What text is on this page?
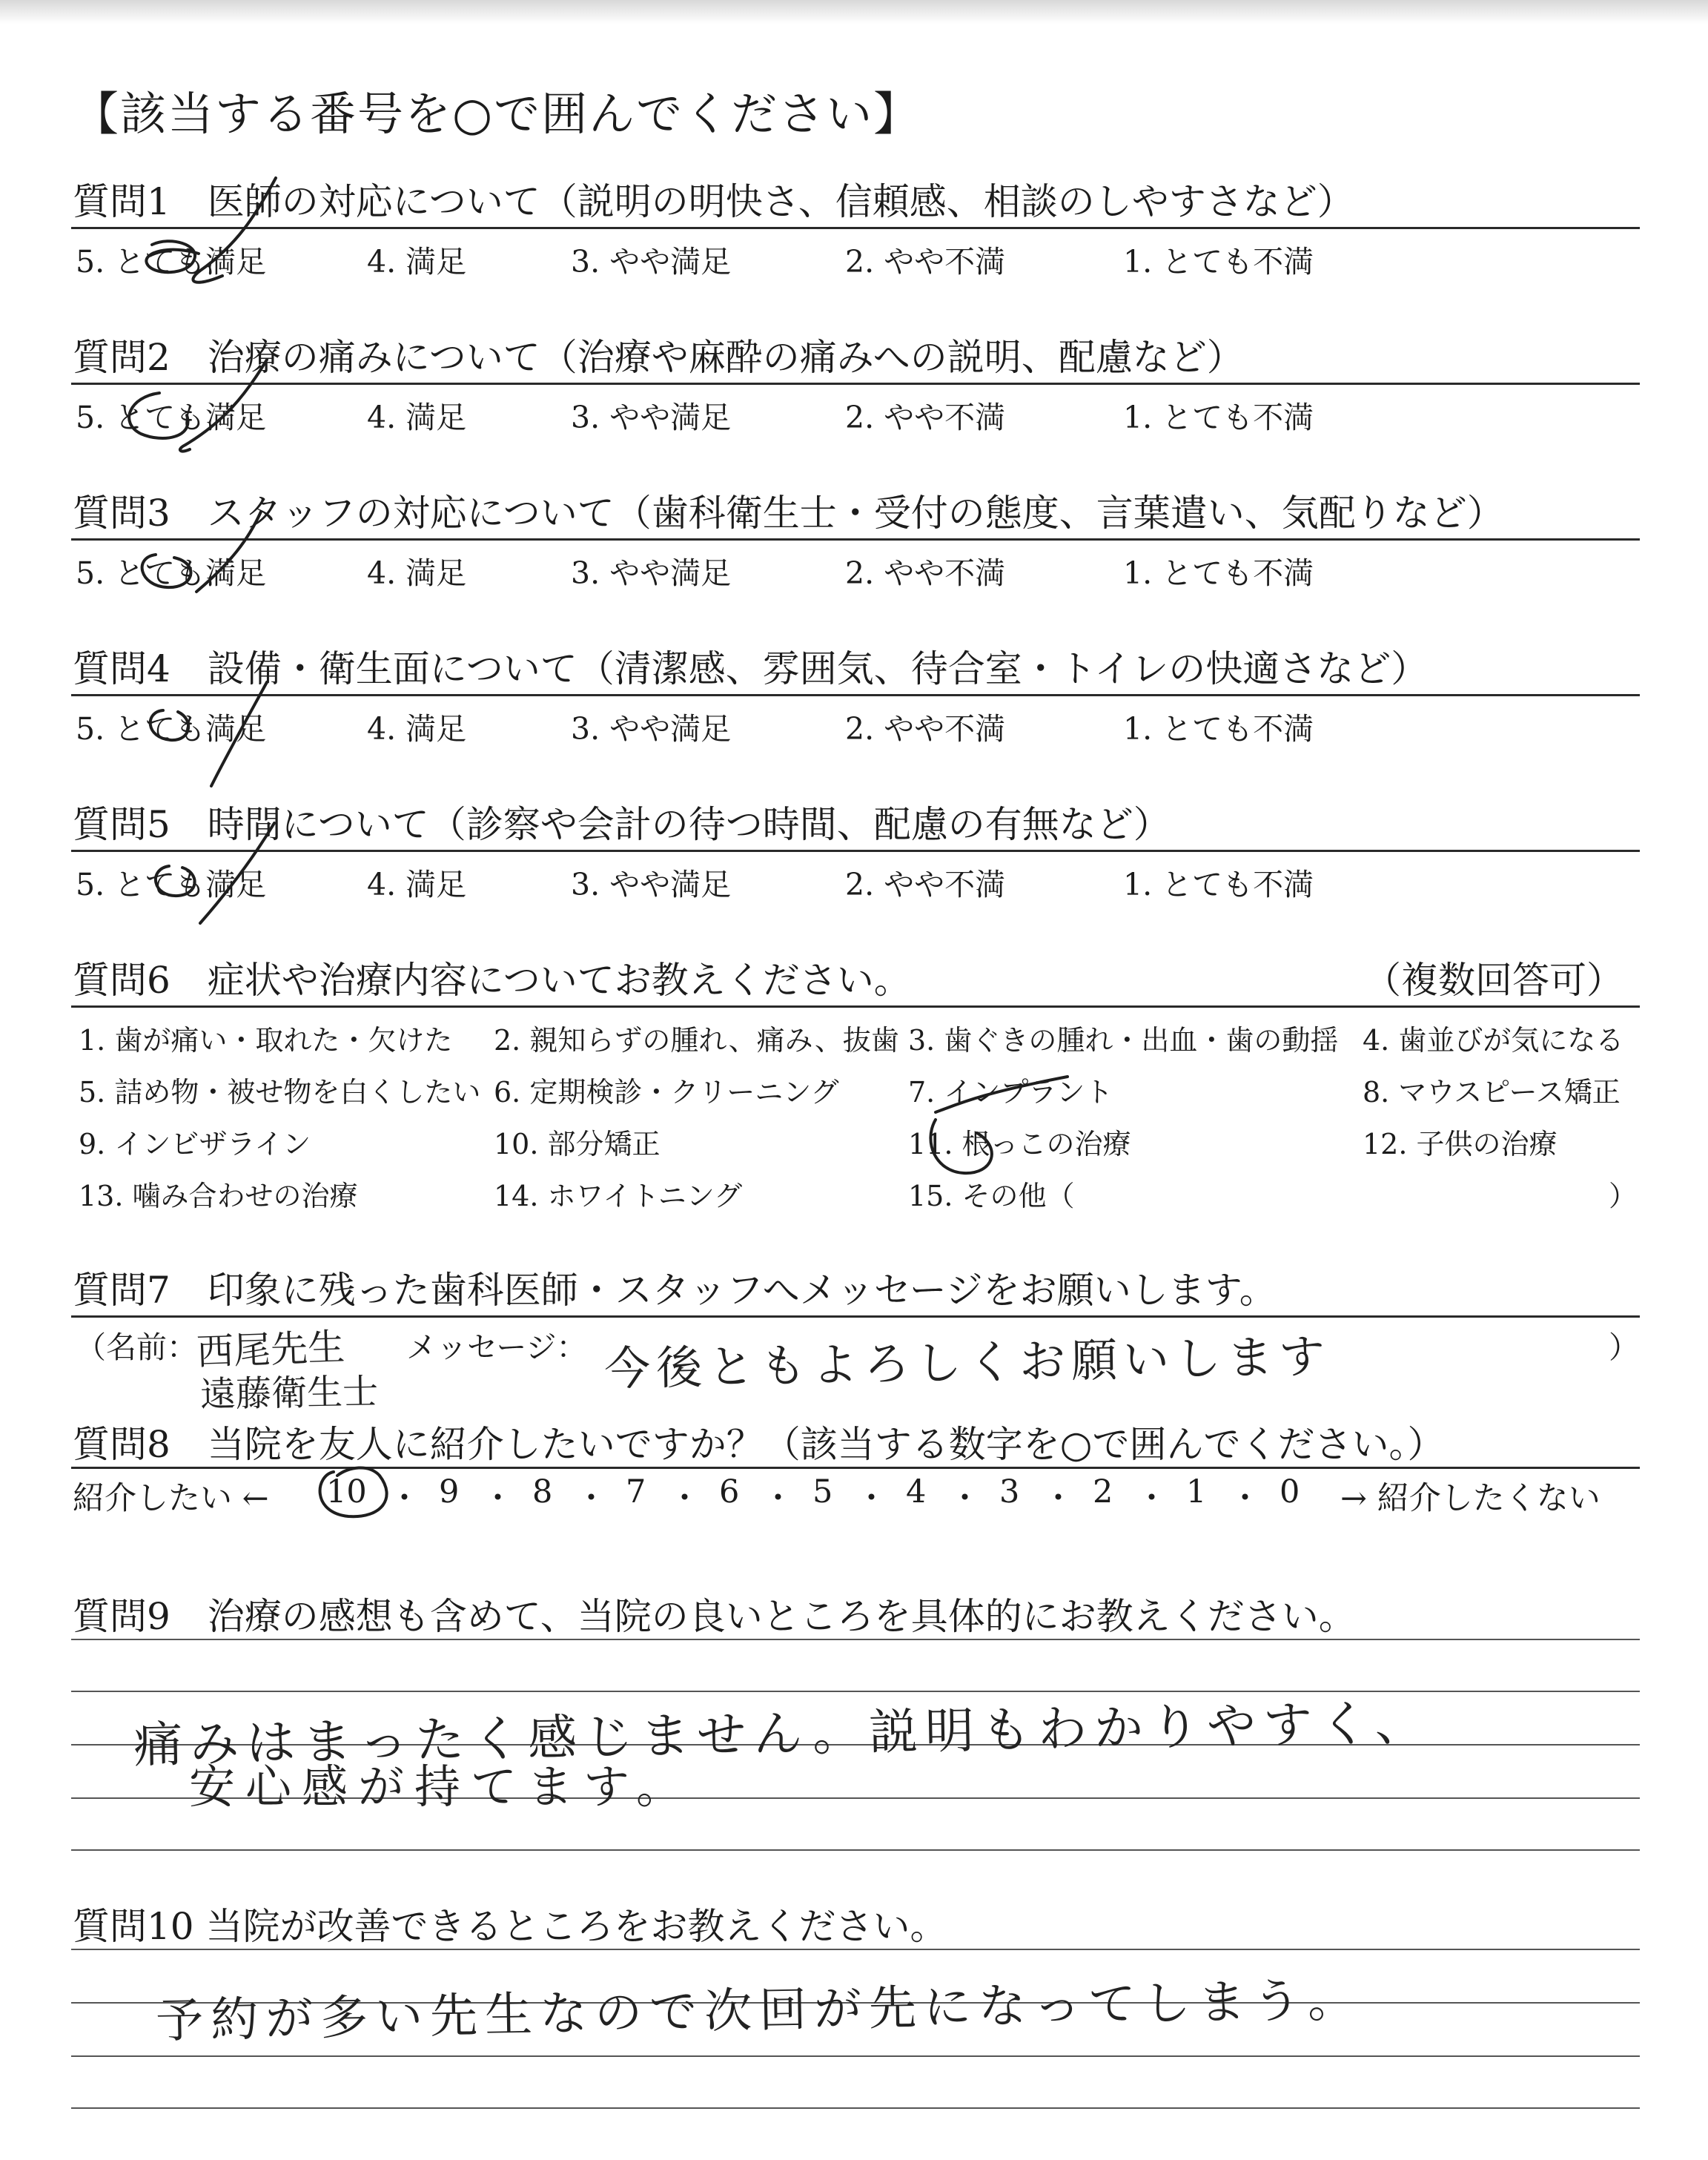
【該当する番号を○で囲んでください】
質問1　医師の対応について（説明の明快さ、信頼感、相談のしやすさなど）
5. とても満足	4. 満足	3. やや満足	2. やや不満	1. とても不満
質問2　治療の痛みについて（治療や麻酔の痛みへの説明、配慮など）
5. とても満足	4. 満足	3. やや満足	2. やや不満	1. とても不満
質問3　スタッフの対応について（歯科衛生士・受付の態度、言葉遣い、気配りなど）
5. とても満足	4. 満足	3. やや満足	2. やや不満	1. とても不満
質問4　設備・衛生面について（清潔感、雰囲気、待合室・トイレの快適さなど）
5. とても満足	4. 満足	3. やや満足	2. やや不満	1. とても不満
質問5　時間について（診察や会計の待つ時間、配慮の有無など）
5. とても満足	4. 満足	3. やや満足	2. やや不満	1. とても不満
質問6　症状や治療内容についてお教えください。	（複数回答可）
1. 歯が痛い・取れた・欠けた 2. 親知らずの腫れ、痛み、抜歯 3. 歯ぐきの腫れ・出血・歯の動揺 4. 歯並びが気になる
5. 詰め物・被せ物を白くしたい 6. 定期検診・クリーニング 7. インプラント	8. マウスピース矯正
9. インビザライン	10. 部分矯正	11. 根っこの治療	12. 子供の治療
13. 噛み合わせの治療	14. ホワイトニング	15. その他（	）
質問7　印象に残った歯科医師・スタッフへメッセージをお願いします。
（名前：	メッセージ：	）
西尾先生
遠藤衛生士	今後ともよろしくお願いします
質問8　当院を友人に紹介したいですか？（該当する数字を○で囲んでください。）
紹介したい ←	→ 紹介したくない
10 ・ 9 ・ 8 ・ 7 ・ 6 ・ 5 ・ 4 ・ 3 ・ 2 ・ 1 ・ 0
質問9　治療の感想も含めて、当院の良いところを具体的にお教えください。
痛みはまったく感じません。説明もわかりやすく、
安心感が持てます。
質問10 当院が改善できるところをお教えください。
予約が多い先生なので次回が先になってしまう。
